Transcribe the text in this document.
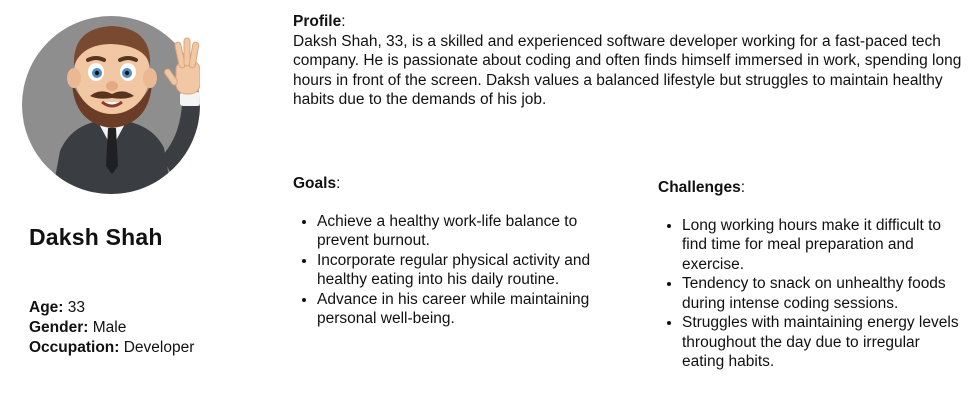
Daksh Shah
Age: 33
Gender: Male
Occupation: Developer
Profile:

Daksh Shah, 33, is a skilled and experienced software developer working for a fast-paced tech company. He is passionate about coding and often finds himself immersed in work, spending long hours in front of the screen. Daksh values a balanced lifestyle but struggles to maintain healthy habits due to the demands of his job.

Goals:
• Achieve a healthy work-life balance to prevent burnout.
• Incorporate regular physical activity and healthy eating into his daily routine.
• Advance in his career while maintaining personal well-being.
Challenges:
• Long working hours make it difficult to find time for meal preparation and exercise.
• Tendency to snack on unhealthy foods during intense coding sessions.
• Struggles with maintaining energy levels throughout the day due to irregular eating habits.
